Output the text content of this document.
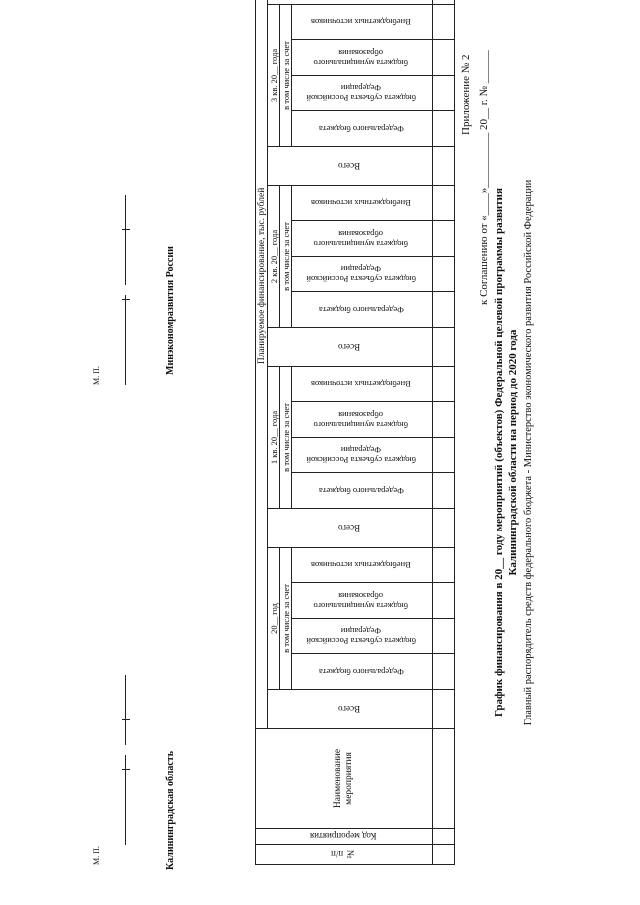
Приложение № 2 к Соглашению от «____»__________ 20__ г. № ______
График финансирования в 20__ году мероприятий (объектов) Федеральной целевой программы развития Калининградской области на период до 2020 года Главный распорядитель средств федерального бюджета - Министерство экономического развития Российской Федерации
№ п/п	Код мероприятия	Наименование мероприятия	Планируемое финансирование, тыс. рублей																								
			Всего	20__ год				Всего	1 кв. 20__ года				Всего	2 кв. 20__ года				Всего	3 кв. 20__ года		
				в том числе за счет					в том числе за счет					в том числе за счет					в том числе за счет	
				Федерального бюджета	бюджета субъекта Российской Федерации	бюджета муниципального образования	Внебюджетных источников		Федерального бюджета	бюджета субъекта Российской Федерации	бюджета муниципального образования	Внебюджетных источников		Федерального бюджета	бюджета субъекта Российской Федерации	бюджета муниципального образования	Внебюджетных источников		Федерального бюджета	бюджета субъекта Российской Федерации	бюджета муниципального образования	Внебюджетных источников				

Калининградская область
М. П.
Минэкономразвития России
М. П.
